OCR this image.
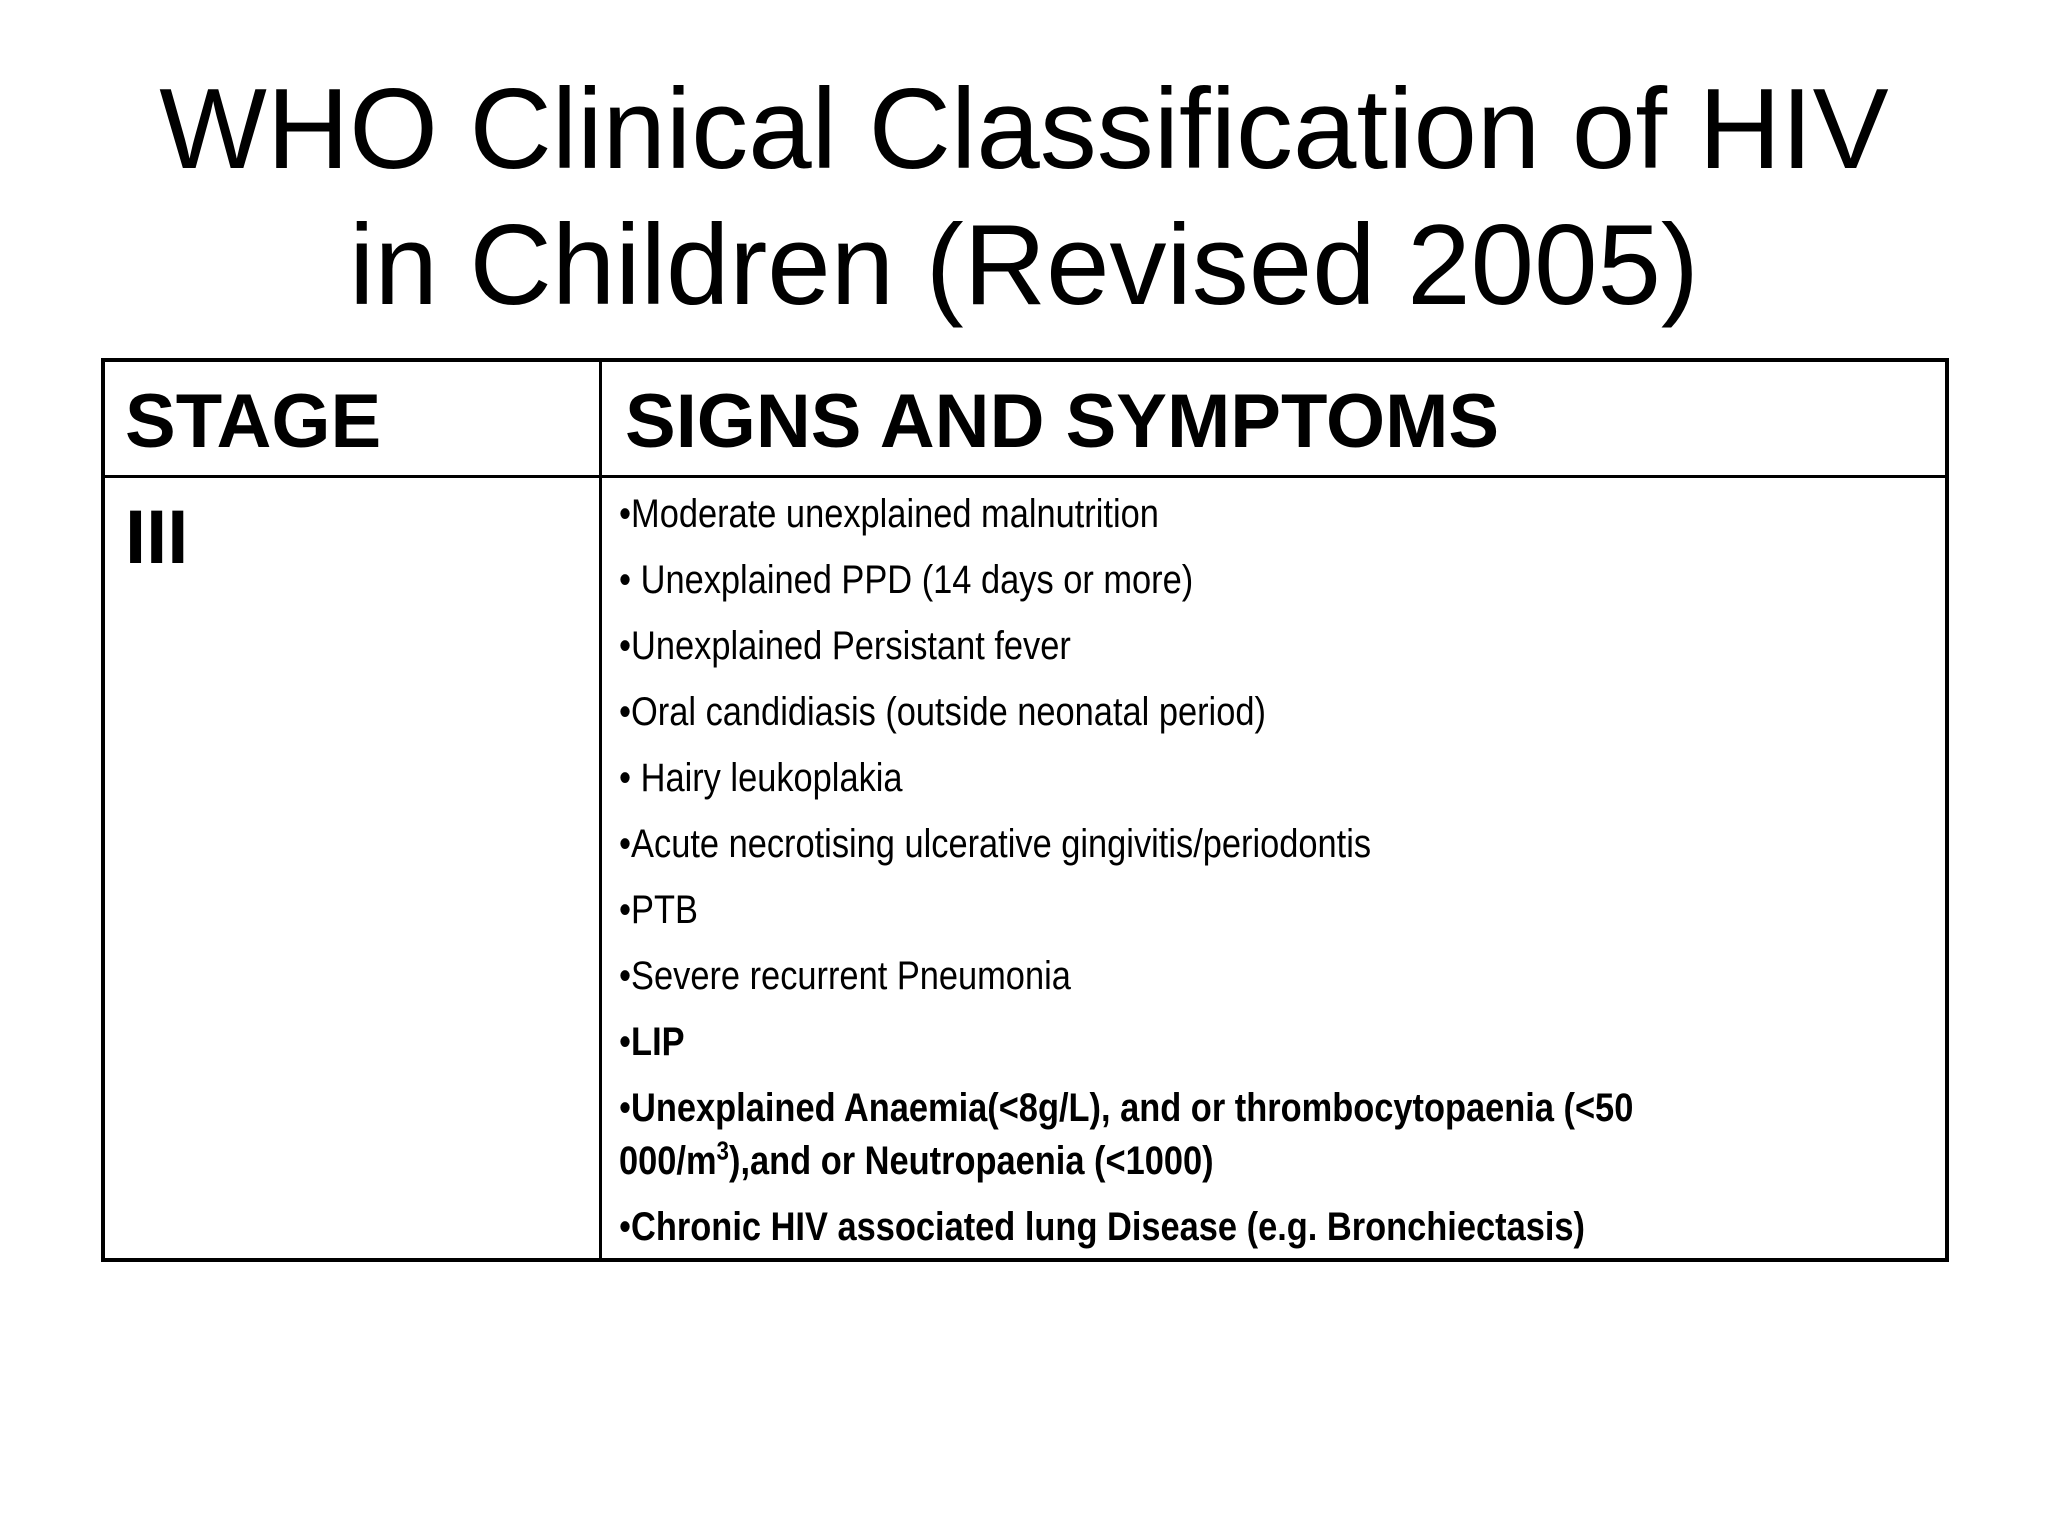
WHO Clinical Classification of HIV
in Children (Revised 2005)
STAGE	SIGNS AND SYMPTOMS
III	•Moderate unexplained malnutrition
• Unexplained PPD (14 days or more)
•Unexplained Persistant fever
•Oral candidiasis (outside neonatal period)
• Hairy leukoplakia
•Acute necrotising ulcerative gingivitis/periodontis
•PTB
•Severe recurrent Pneumonia
•LIP
•Unexplained Anaemia(<8g/L), and or thrombocytopaenia (<50
$000/m^3),and$ or Neutropaenia (<1000)
•Chronic HIV associated lung Disease (e.g. Bronchiectasis)
